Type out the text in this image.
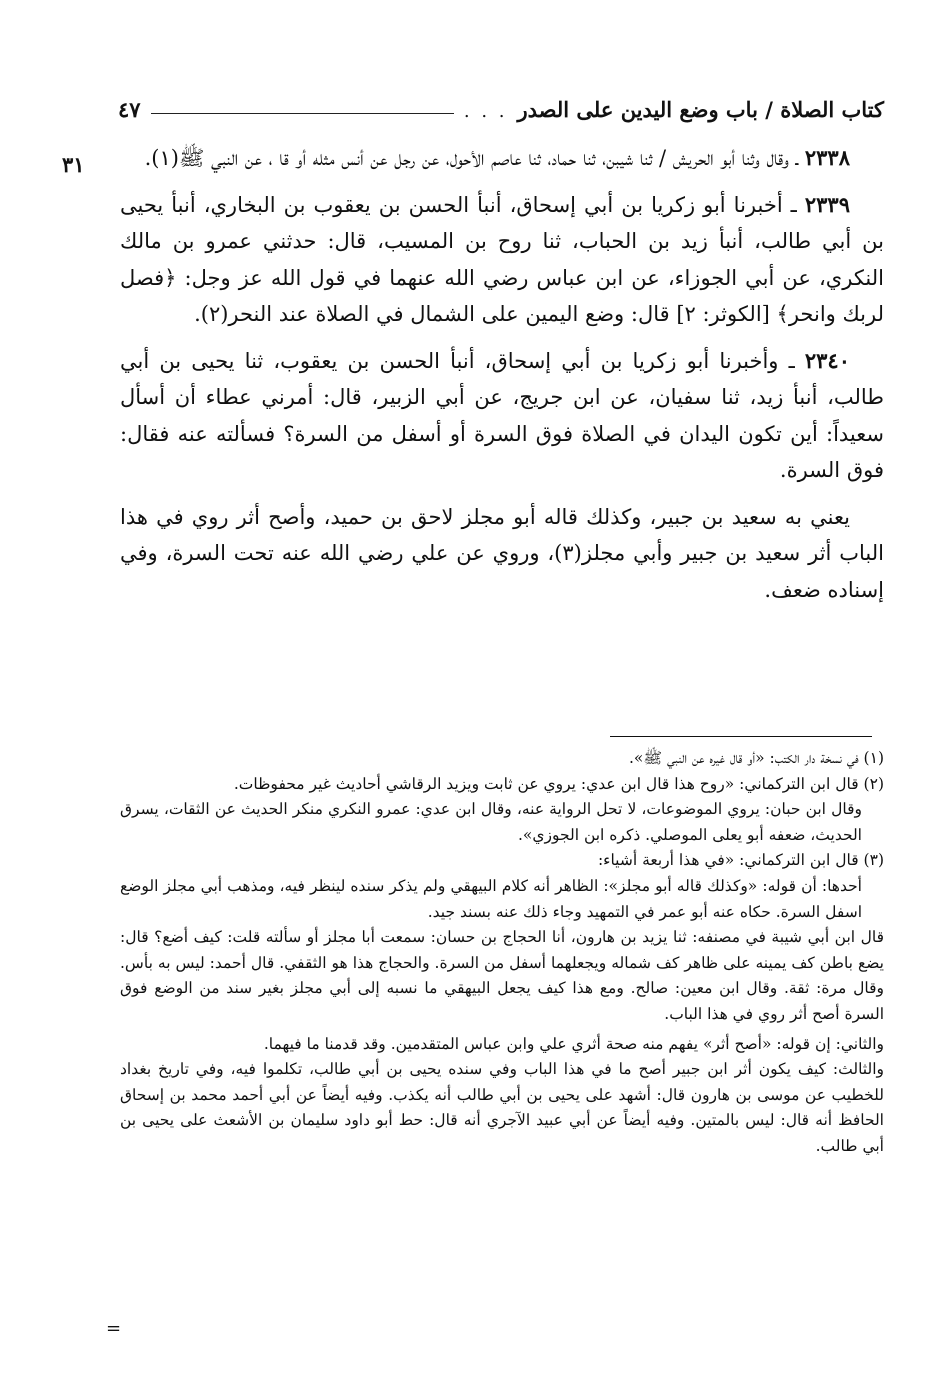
كتاب الصلاة / باب وضع اليدين على الصدر
. . .
٤٧
٣١	٢٣٣٨ ـ وقال وثنا أبو الحريش / ثنا شيبن، ثنا حماد، ثنا عاصم الأحول، عن رجل عن أنس مثله أو قا ، عن النبي ﷺ(١).

٢٣٣٩ ـ أخبرنا أبو زكريا بن أبي إسحاق، أنبأ الحسن بن يعقوب بن البخاري، أنبأ يحيى بن أبي طالب، أنبأ زيد بن الحباب، ثنا روح بن المسيب، قال: حدثني عمرو بن مالك النكري، عن أبي الجوزاء، عن ابن عباس رضي الله عنهما في قول الله عز وجل: ﴿فصل لربك وانحر﴾ [الكوثر: ٢] قال: وضع اليمين على الشمال في الصلاة عند النحر(٢).

٢٣٤٠ ـ وأخبرنا أبو زكريا بن أبي إسحاق، أنبأ الحسن بن يعقوب، ثنا يحيى بن أبي طالب، أنبأ زيد، ثنا سفيان، عن ابن جريج، عن أبي الزبير، قال: أمرني عطاء أن أسأل سعيداً: أين تكون اليدان في الصلاة فوق السرة أو أسفل من السرة؟ فسألته عنه فقال: فوق السرة.

يعني به سعيد بن جبير، وكذلك قاله أبو مجلز لاحق بن حميد، وأصح أثر روي في هذا الباب أثر سعيد بن جبير وأبي مجلز(٣)، وروي عن علي رضي الله عنه تحت السرة، وفي إسناده ضعف.

(١) في نسخة دار الكتب: «أو قال غيره عن النبي ﷺ».

(٢) قال ابن التركماني: «روح هذا قال ابن عدي: يروي عن ثابت ويزيد الرقاشي أحاديث غير محفوظات.

وقال ابن حبان: يروي الموضوعات، لا تحل الرواية عنه، وقال ابن عدي: عمرو النكري منكر الحديث عن الثقات، يسرق الحديث، ضعفه أبو يعلى الموصلي. ذكره ابن الجوزي».

(٣) قال ابن التركماني: «في هذا أربعة أشياء:

أحدها: أن قوله: «وكذلك قاله أبو مجلز»: الظاهر أنه كلام البيهقي ولم يذكر سنده لينظر فيه، ومذهب أبي مجلز الوضع اسفل السرة. حكاه عنه أبو عمر في التمهيد وجاء ذلك عنه بسند جيد.

قال ابن أبي شيبة في مصنفه: ثنا يزيد بن هارون، أنا الحجاج بن حسان: سمعت أبا مجلز أو سألته قلت: كيف أضع؟ قال: يضع باطن كف يمينه على ظاهر كف شماله ويجعلهما أسفل من السرة. والحجاج هذا هو الثقفي. قال أحمد: ليس به بأس. وقال مرة: ثقة. وقال ابن معين: صالح. ومع هذا كيف يجعل البيهقي ما نسبه إلى أبي مجلز بغير سند من الوضع فوق السرة أصح أثر روي في هذا الباب.

والثاني: إن قوله: «أصح أثر» يفهم منه صحة أثري علي وابن عباس المتقدمين. وقد قدمنا ما فيهما.

والثالث: كيف يكون أثر ابن جبير أصح ما في هذا الباب وفي سنده يحيى بن أبي طالب، تكلموا فيه، وفي تاريخ بغداد للخطيب عن موسى بن هارون قال: أشهد على يحيى بن أبي طالب أنه يكذب. وفيه أيضاً عن أبي أحمد محمد بن إسحاق الحافظ أنه قال: ليس بالمتين. وفيه أيضاً عن أبي عبيد الآجري أنه قال: حط أبو داود سليمان بن الأشعث على يحيى بن أبي طالب.

=
